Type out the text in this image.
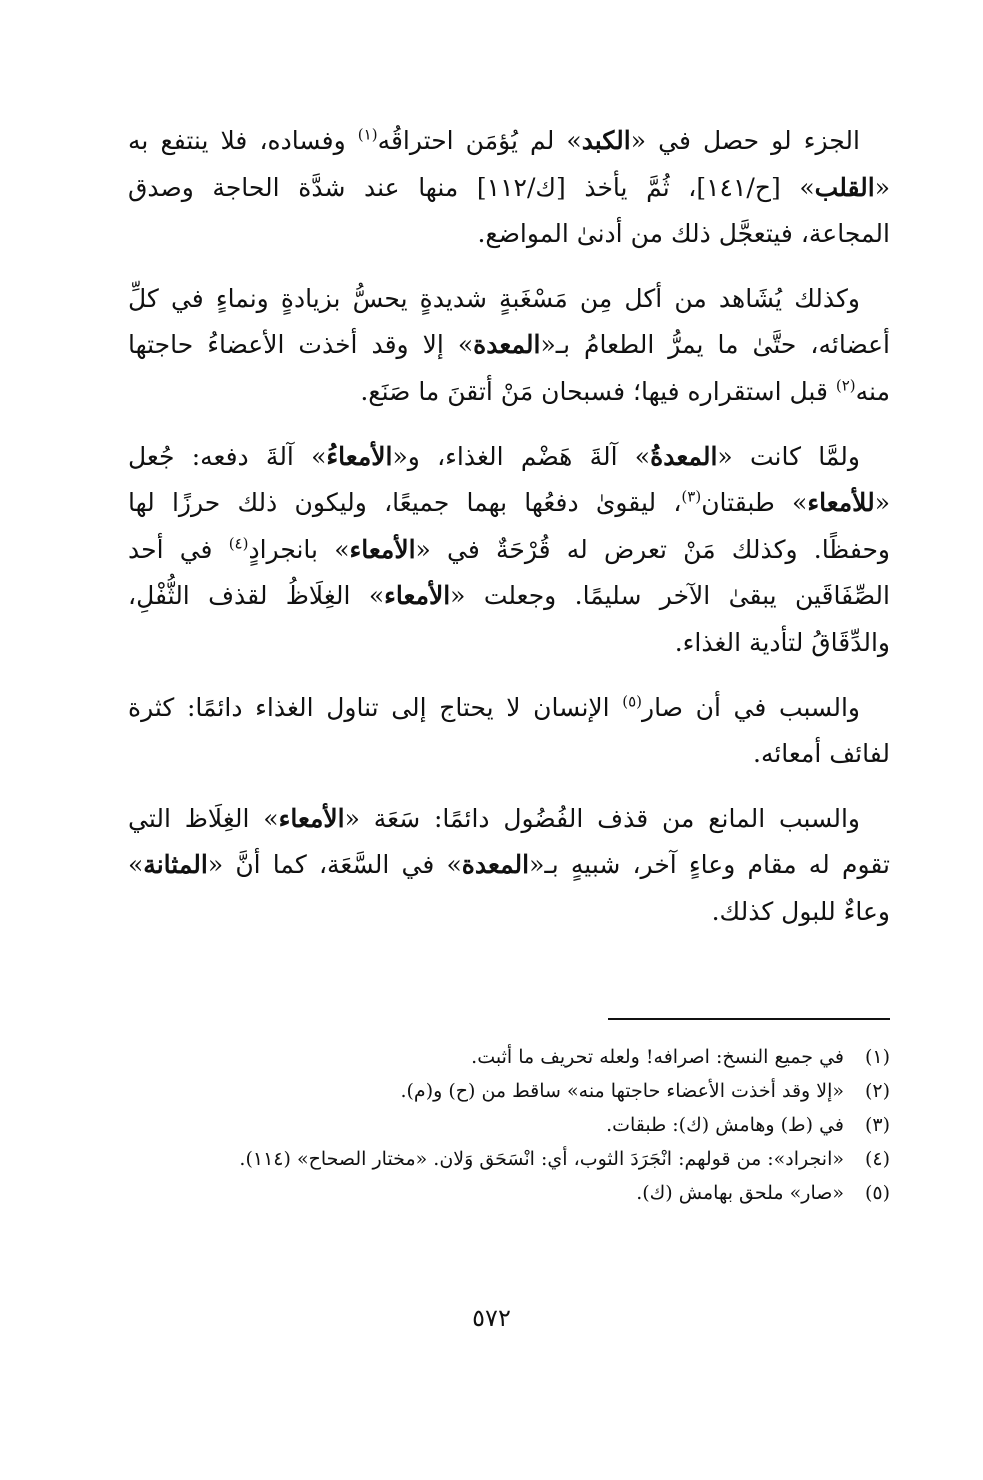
الجزء لو حصل في «الكبد» لم يُؤمَن احتراقُه$^{(١)}$ وفساده، فلا ينتفع به «القلب» [ح/١٤١]، ثُمَّ يأخذ [ك/١١٢] منها عند شدَّة الحاجة وصدق المجاعة، فيتعجَّل ذلك من أدنىٰ المواضع.

وكذلك يُشَاهد من أكل مِن مَسْغَبةٍ شديدةٍ يحسُّ بزيادةٍ ونماءٍ في كلِّ أعضائه، حتَّىٰ ما يمرُّ الطعامُ بـ«المعدة» إلا وقد أخذت الأعضاءُ حاجتها منه$^{(٢)}$ قبل استقراره فيها؛ فسبحان مَنْ أتقنَ ما صَنَع.

ولمَّا كانت «المعدةُ» آلةَ هَضْم الغذاء، و«الأمعاءُ» آلةَ دفعه: جُعل «للأمعاء» طبقتان$^{(٣)}$، ليقوىٰ دفعُها بهما جميعًا، وليكون ذلك حرزًا لها وحفظًا. وكذلك مَنْ تعرض له قُرْحَةٌ في «الأمعاء» بانجرادٍ$^{(٤)}$ في أحد الصِّفَاقَين يبقىٰ الآخر سليمًا. وجعلت «الأمعاء» الغِلَاظُ لقذف الثُّفْلِ، والدِّقَاقُ لتأدية الغذاء.

والسبب في أن صار$^{(٥)}$ الإنسان لا يحتاج إلى تناول الغذاء دائمًا: كثرة لفائف أمعائه.

والسبب المانع من قذف الفُضُول دائمًا: سَعَة «الأمعاء» الغِلَاظ التي تقوم له مقام وعاءٍ آخر، شبيهٍ بـ«المعدة» في السَّعَة، كما أنَّ «المثانة» وعاءٌ للبول كذلك.

(١)
في جميع النسخ: اصرافه! ولعله تحريف ما أثبت.
(٢)
«إلا وقد أخذت الأعضاء حاجتها منه» ساقط من (ح) و(م).
(٣)
في (ط) وهامش (ك): طبقات.
(٤)
«انجراد»: من قولهم: انْجَرَدَ الثوب، أي: انْسَحَق وَلان. «مختار الصحاح» (١١٤).
(٥)
«صار» ملحق بهامش (ك).
٥٧٢
